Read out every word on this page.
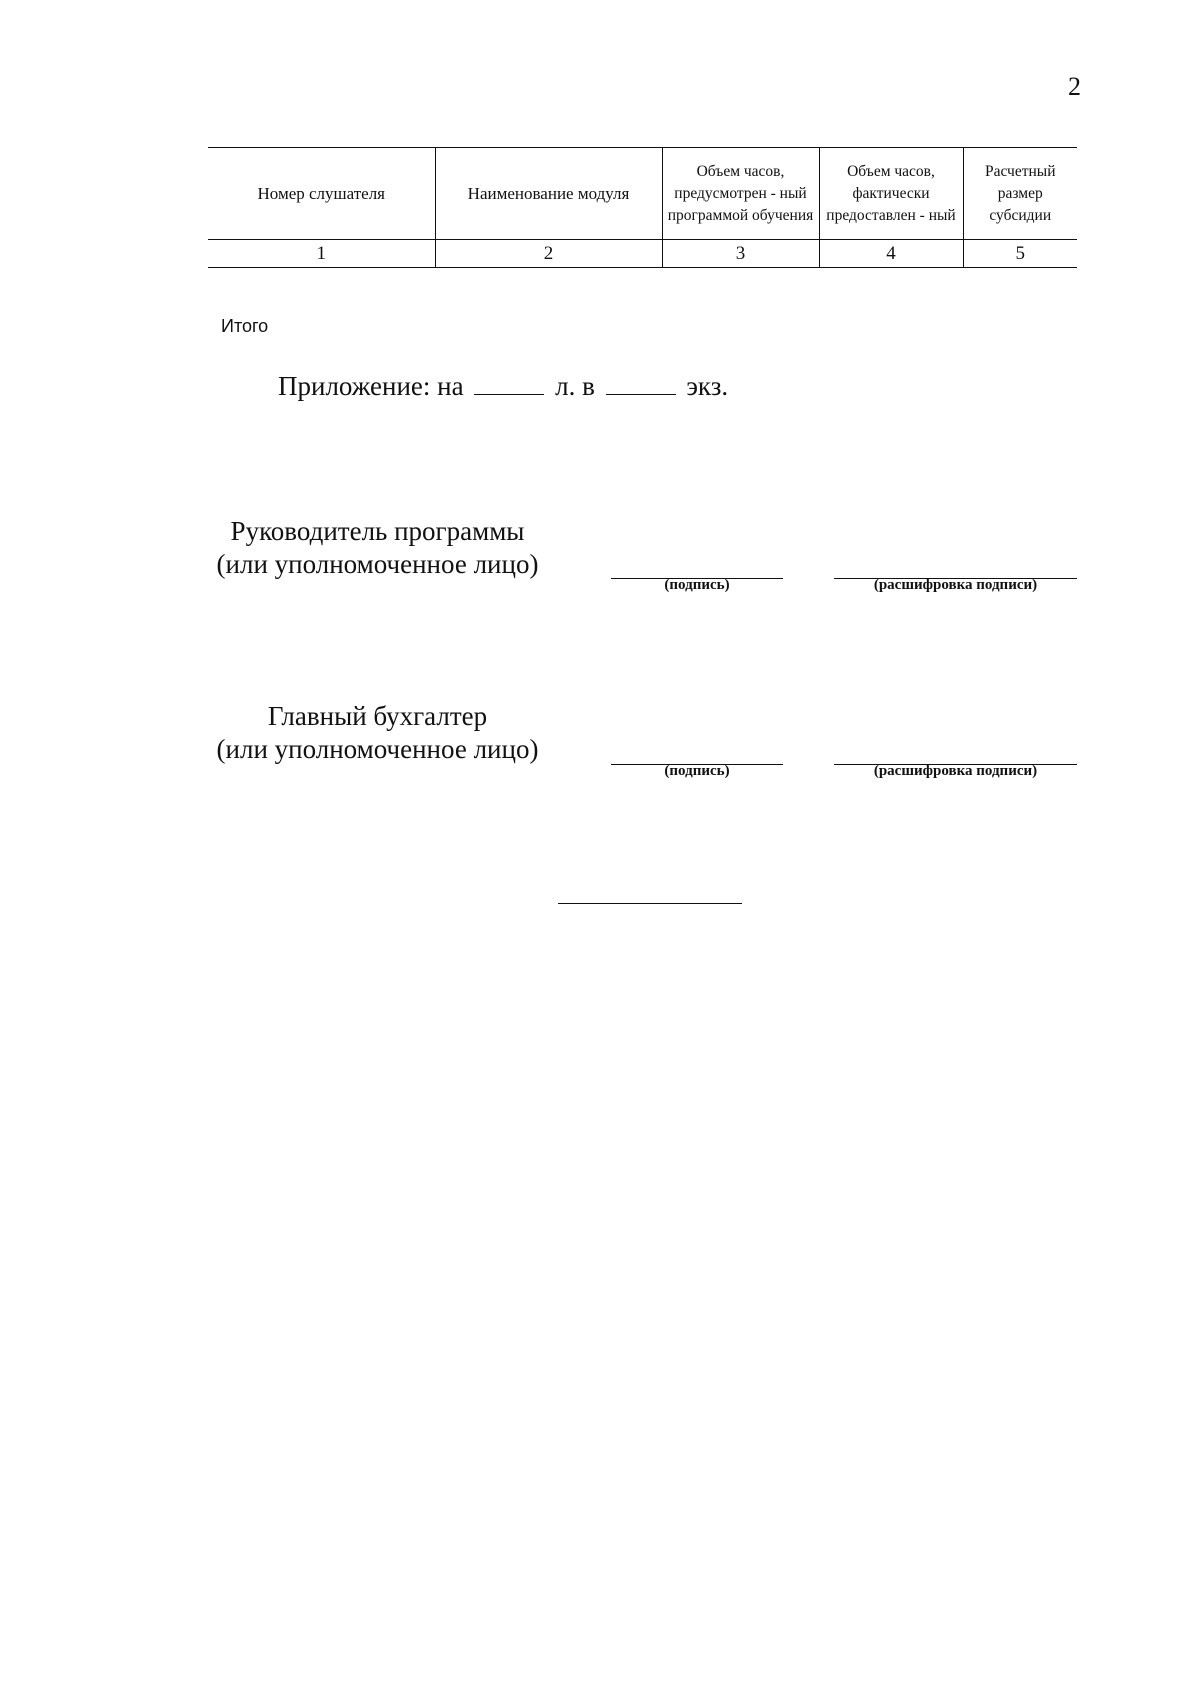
2
Номер слушателя	Наименование модуля	Объем часов, предусмотрен - ный программой обучения	Объем часов, фактически предоставлен - ный	Расчетный размер субсидии
1	2	3	4	5
Итого
Приложение: на	л. в	экз.
Руководитель программы
(или уполномоченное лицо)
(подпись)	(расшифровка подписи)
Главный бухгалтер
(или уполномоченное лицо)
(подпись)	(расшифровка подписи)
